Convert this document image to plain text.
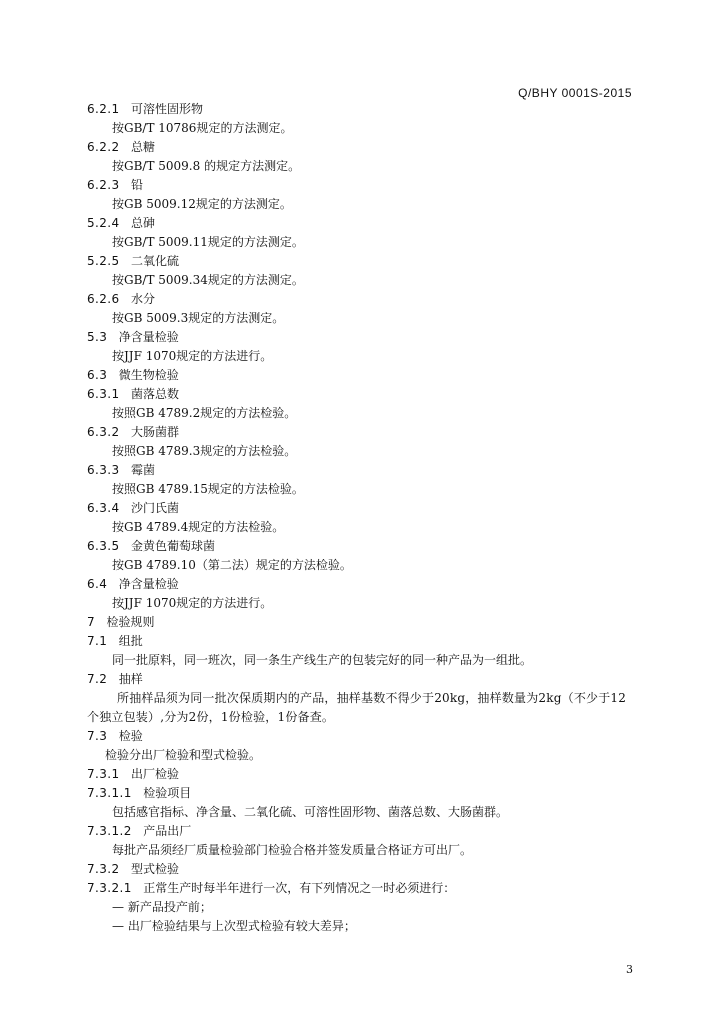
Q/BHY 0001S-2015
6.2.1 可溶性固形物
按GB/T 10786规定的方法测定。
6.2.2 总糖
按GB/T 5009.8 的规定方法测定。
6.2.3 铅
按GB 5009.12规定的方法测定。
5.2.4 总砷
按GB/T 5009.11规定的方法测定。
5.2.5 二氧化硫
按GB/T 5009.34规定的方法测定。
6.2.6 水分
按GB 5009.3规定的方法测定。
5.3 净含量检验
按JJF 1070规定的方法进行。
6.3 微生物检验
6.3.1 菌落总数
按照GB 4789.2规定的方法检验。
6.3.2 大肠菌群
按照GB 4789.3规定的方法检验。
6.3.3 霉菌
按照GB 4789.15规定的方法检验。
6.3.4 沙门氏菌
按GB 4789.4规定的方法检验。
6.3.5 金黄色葡萄球菌
按GB 4789.10（第二法）规定的方法检验。
6.4 净含量检验
按JJF 1070规定的方法进行。
7 检验规则
7.1 组批
同一批原料，同一班次，同一条生产线生产的包装完好的同一种产品为一组批。
7.2 抽样
所抽样品须为同一批次保质期内的产品，抽样基数不得少于20kg，抽样数量为2kg（不少于12个独立包装）,分为2份，1份检验，1份备查。
7.3 检验
检验分出厂检验和型式检验。
7.3.1 出厂检验
7.3.1.1 检验项目
包括感官指标、净含量、二氧化硫、可溶性固形物、菌落总数、大肠菌群。
7.3.1.2 产品出厂
每批产品须经厂质量检验部门检验合格并签发质量合格证方可出厂。
7.3.2 型式检验
7.3.2.1 正常生产时每半年进行一次，有下列情况之一时必须进行：
— 新产品投产前；
— 出厂检验结果与上次型式检验有较大差异；
3
